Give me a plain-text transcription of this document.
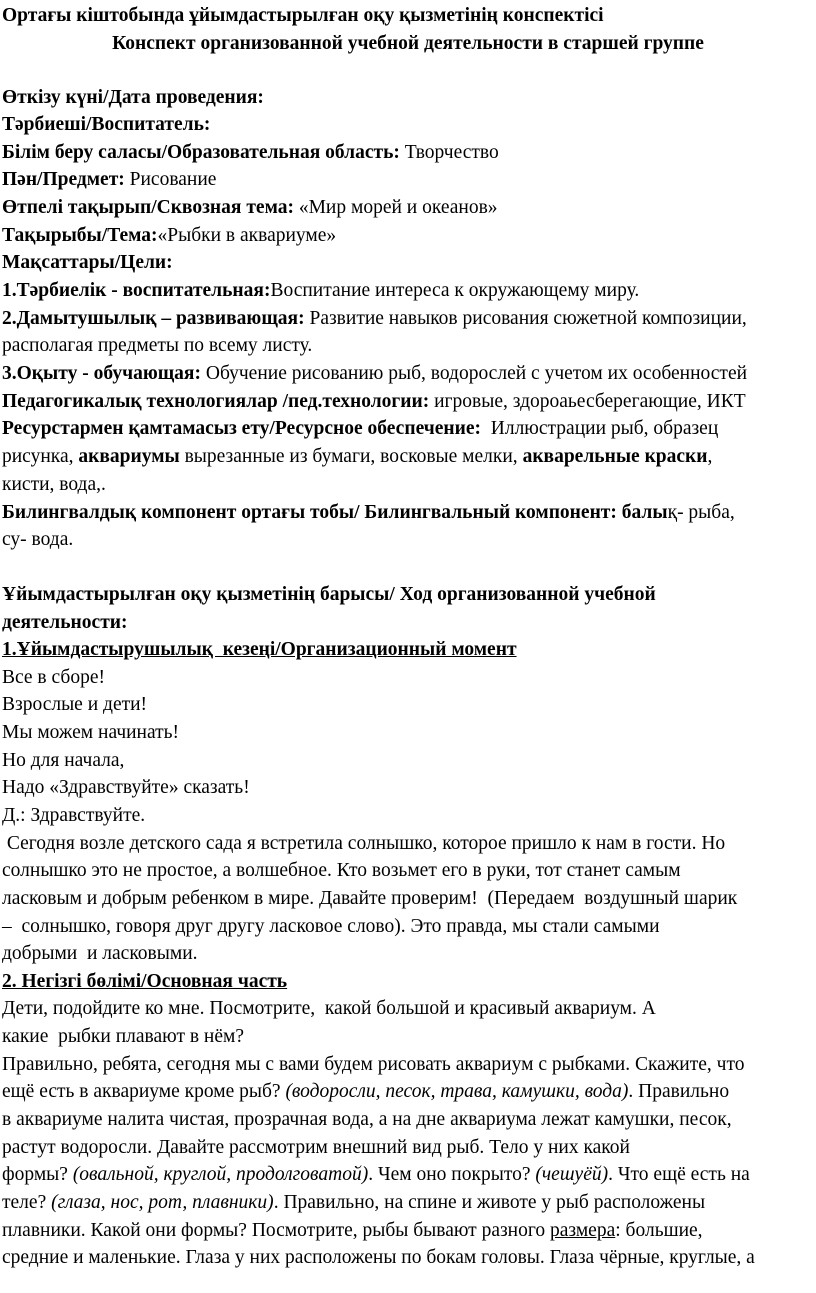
Ортағы кiштобында ұйымдастырылған оқу қызметiнiң конспектiсi
Конспект организованной учебной деятельности в старшей группе
Өткiзу күнi/Дата проведения:
Тәрбиешi/Воспитатель:
Бiлiм беру саласы/Образовательная область: Творчество
Пән/Предмет: Рисование
Өтпелi тақырып/Сквозная тема: «Мир морей и океанов»
Тақырыбы/Тема:«Рыбки в аквариуме»
Мақсаттары/Цели:
1.Тәрбиелiк - воспитательная:Воспитание интереса к окружающему миру.
2.Дамытушылық – развивающая: Развитие навыков рисования сюжетной композиции,
располагая предметы по всему листу.
3.Оқыту - обучающая: Обучение рисованию рыб, водорослей с учетом их особенностей
Педагогикалық технологиялар /пед.технологии: игровые, здороаьесберегающие, ИКТ
Ресурстармен қамтамасыз ету/Ресурсное обеспечение:  Иллюстрации рыб, образец
рисунка, аквариумы вырезанные из бумаги, восковые мелки, акварельные краски,
кисти, вода,.
Билингвалдық компонент ортағы тобы/ Билингвальный компонент: балық- рыба,
су- вода.
Ұйымдастырылған оқу қызметiнiң барысы/ Ход организованной учебной
деятельности:
1.Ұйымдастырушылық  кезеңi/Организационный момент
Все в сборе!
Взрослые и дети!
Мы можем начинать!
Но для начала,
Надо «Здравствуйте» сказать!
Д.: Здравствуйте.
Сегодня возле детского сада я встретила солнышко, которое пришло к нам в гости. Но
солнышко это не простое, а волшебное. Кто возьмет его в руки, тот станет самым
ласковым и добрым ребенком в мире. Давайте проверим!  (Передаем  воздушный шарик
–  солнышко, говоря друг другу ласковое слово). Это правда, мы стали самыми
добрыми  и ласковыми.
2. Негiзгi бөлiмi/Основная часть
Дети, подойдите ко мне. Посмотрите,  какой большой и красивый аквариум. А
какие  рыбки плавают в нём?
Правильно, ребята, сегодня мы с вами будем рисовать аквариум с рыбками. Скажите, что
ещё есть в аквариуме кроме рыб? (водоросли, песок, трава, камушки, вода). Правильно
в аквариуме налита чистая, прозрачная вода, а на дне аквариума лежат камушки, песок,
растут водоросли. Давайте рассмотрим внешний вид рыб. Тело у них какой
формы? (овальной, круглой, продолговатой). Чем оно покрыто? (чешуёй). Что ещё есть на
теле? (глаза, нос, рот, плавники). Правильно, на спине и животе у рыб расположены
плавники. Какой они формы? Посмотрите, рыбы бывают разного размера: большие,
средние и маленькие. Глаза у них расположены по бокам головы. Глаза чёрные, круглые, а
